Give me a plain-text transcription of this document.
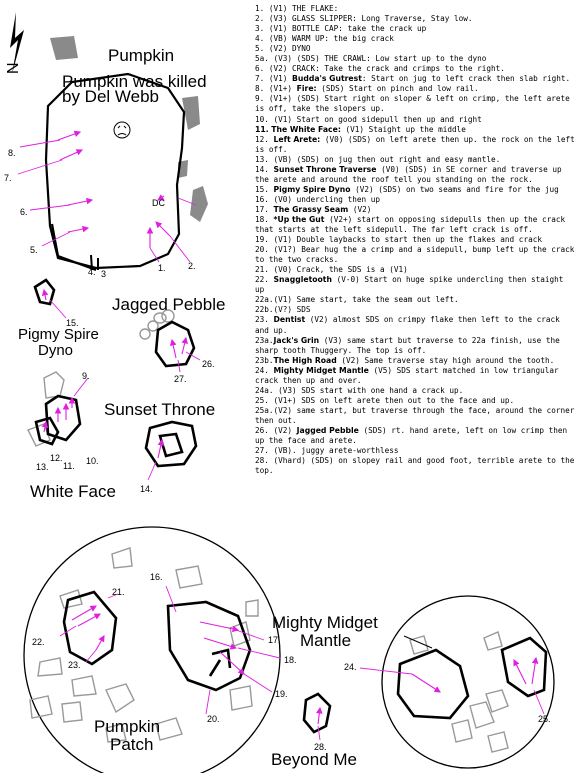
N
Pumpkin
Pumpkin was killed by Del Webb
DC
Pigmy Spire Dyno
Jagged Pebble
White Face
Sunset Throne
Pumpkin Patch
Mighty Midget Mantle
Beyond Me
8.
7.
6.
5.
4. 3
1. 2.
15.
26.
27.
9.
13.
12.
11. 10.
14.
16.
21.
22.
23.
17.
18.
19.
20.
24.
25.
28.
1. (V1) THE FLAKE:
2. (V3) GLASS SLIPPER: Long Traverse, Stay low.
3. (V1) BOTTLE CAP: take the crack up
4. (VB) WARM UP: the big crack
5. (V2) DYNO
5a. (V3) (SDS) THE CRAWL: Low start up to the dyno
6. (V2) CRACK: Take the crack and crimps to the right.
7. (V1) Budda's Gutrest: Start on jug to left crack then slab right.
8. (V1+) Fire: (SDS) Start on pinch and low rail.
9. (V1+) (SDS) Start right on sloper & left on crimp, the left arete is off, take the slopers up.
10. (V1) Start on good sidepull then up and right
11. The White Face: (V1) Staight up the middle
12. Left Arete: (V0) (SDS) on left arete then up. the rock on the left is off.
13. (VB) (SDS) on jug then out right and easy mantle.
14. Sunset Throne Traverse (V0) (SDS) in SE corner and traverse up the arete and around the roof tell you standing on the rock.
15. Pigmy Spire Dyno (V2) (SDS) on two seams and fire for the jug
16. (V0) undercling then up
17. The Grassy Seam (V2)
18. *Up the Gut (V2+) start on opposing sidepulls then up the crack that starts at the left sidepull. The far left crack is off.
19. (V1) Double laybacks to start then up the flakes and crack
20. (V1?) Bear hug the a crimp and a sidepull, bump left up the crack to the two cracks.
21. (V0) Crack, the SDS is a (V1)
22. Snaggletooth (V-0) Start on huge spike undercling then staight up
22a.(V1) Same start, take the seam out left.
22b.(V?) SDS
23. Dentist (V2) almost SDS on crimpy flake then left to the crack and up.
23a.Jack's Grin (V3) same start but traverse to 22a finish, use the sharp tooth Thuggery. The top is off.
23b.The High Road (V2) Same traverse stay high around the tooth.
24. Mighty Midget Mantle (V5) SDS start matched in low triangular crack then up and over.
24a. (V3) SDS start with one hand a crack up.
25. (V1+) SDS on left arete then out to the face and up.
25a.(V2) same start, but traverse through the face, around the corner then out.
26. (V2) Jagged Pebble (SDS) rt. hand arete, left on low crimp then up the face and arete.
27. (VB). juggy arete-worthless
28. (Vhard) (SDS) on slopey rail and good foot, terrible arete to the top.
